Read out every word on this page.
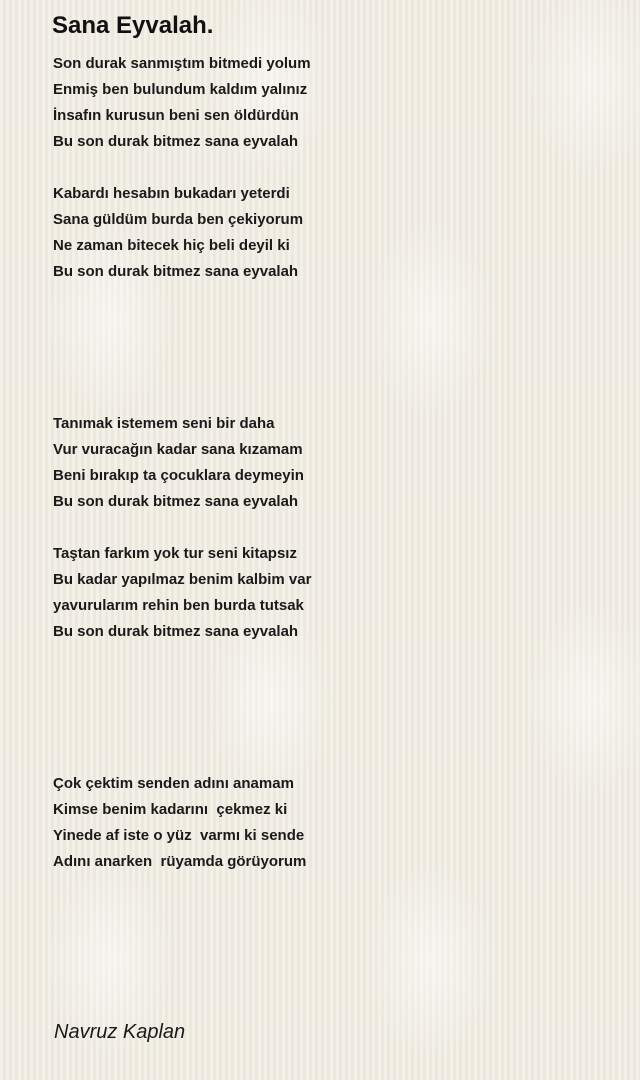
Sana Eyvalah.
Son durak sanmıştım bitmedi yolum
Enmiş ben bulundum kaldım yalınız
İnsafın kurusun beni sen öldürdün
Bu son durak bitmez sana eyvalah
Kabardı hesabın bukadarı yeterdi
Sana güldüm burda ben çekiyorum
Ne zaman bitecek hiç beli deyil ki
Bu son durak bitmez sana eyvalah
Tanımak istemem seni bir daha
Vur vuracağın kadar sana kızamam
Beni bırakıp ta çocuklara deymeyin
Bu son durak bitmez sana eyvalah
Taştan farkım yok tur seni kitapsız
Bu kadar yapılmaz benim kalbim var
yavurularım rehin ben burda tutsak
Bu son durak bitmez sana eyvalah
Çok çektim senden adını anamam
Kimse benim kadarını  çekmez ki
Yinede af iste o yüz  varmı ki sende
Adını anarken  rüyamda görüyorum

Navruz Kaplan
